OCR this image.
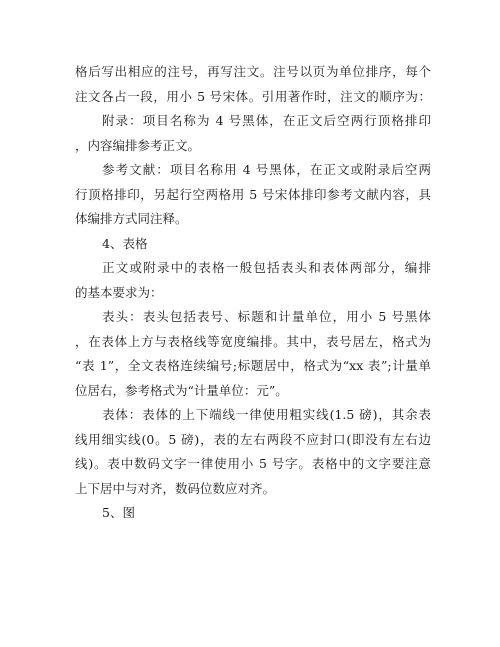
格后写出相应的注号，再写注文。注号以页为单位排序，每个
注文各占一段，用小 5 号宋体。引用著作时，注文的顺序为：
附录：项目名称为 4 号黑体，在正文后空两行顶格排印
，内容编排参考正文。
参考文献：项目名称用 4 号黑体，在正文或附录后空两
行顶格排印，另起行空两格用 5 号宋体排印参考文献内容，具
体编排方式同注释。
4、表格
正文或附录中的表格一般包括表头和表体两部分，编排
的基本要求为：
表头：表头包括表号、标题和计量单位，用小 5 号黑体
，在表体上方与表格线等宽度编排。其中，表号居左，格式为
“表 1”，全文表格连续编号;标题居中，格式为“xx 表”;计量单
位居右，参考格式为“计量单位：元”。
表体：表体的上下端线一律使用粗实线(1.5 磅)，其余表
线用细实线(0。5 磅)，表的左右两段不应封口(即没有左右边
线)。表中数码文字一律使用小 5 号字。表格中的文字要注意
上下居中与对齐，数码位数应对齐。
5、图
